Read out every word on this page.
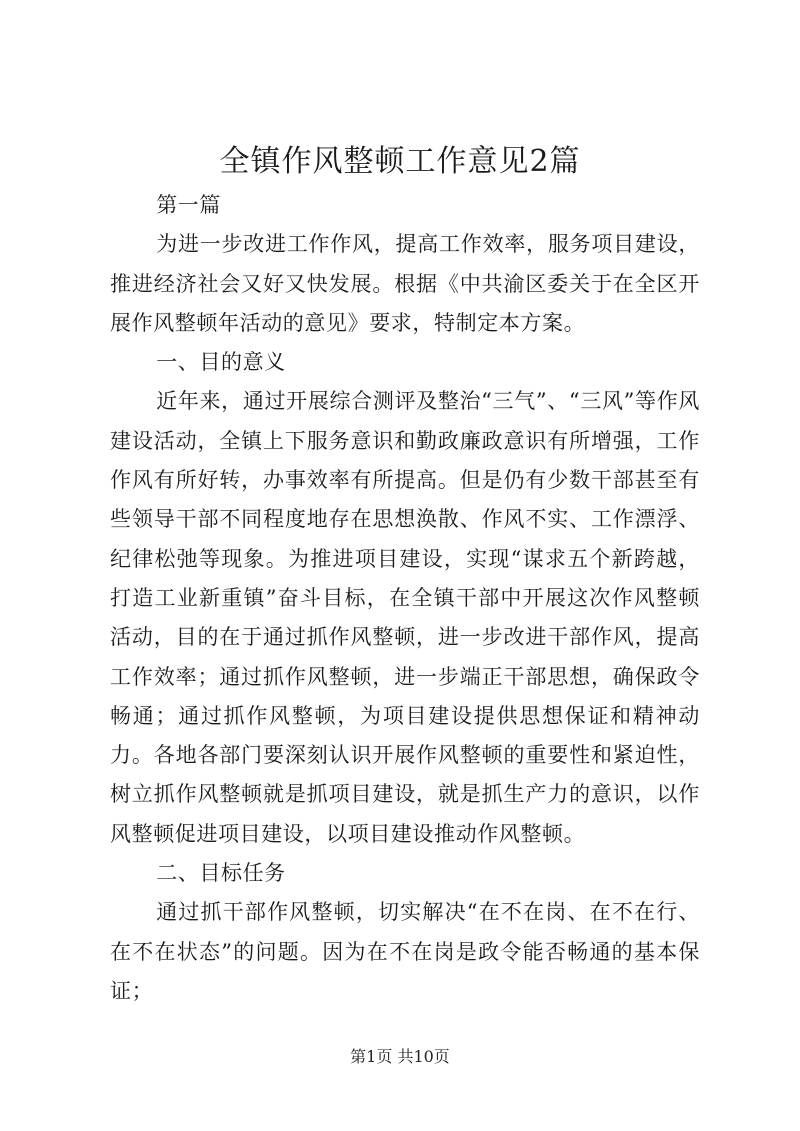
全镇作风整顿工作意见2篇

第一篇

为进一步改进工作作风，提高工作效率，服务项目建设，推进经济社会又好又快发展。根据《中共渝区委关于在全区开展作风整顿年活动的意见》要求，特制定本方案。

一、目的意义

近年来，通过开展综合测评及整治“三气”、“三风”等作风建设活动，全镇上下服务意识和勤政廉政意识有所增强，工作作风有所好转，办事效率有所提高。但是仍有少数干部甚至有些领导干部不同程度地存在思想涣散、作风不实、工作漂浮、纪律松弛等现象。为推进项目建设，实现“谋求五个新跨越，打造工业新重镇”奋斗目标，在全镇干部中开展这次作风整顿活动，目的在于通过抓作风整顿，进一步改进干部作风，提高工作效率；通过抓作风整顿，进一步端正干部思想，确保政令畅通；通过抓作风整顿，为项目建设提供思想保证和精神动力。各地各部门要深刻认识开展作风整顿的重要性和紧迫性，树立抓作风整顿就是抓项目建设，就是抓生产力的意识，以作风整顿促进项目建设，以项目建设推动作风整顿。

二、目标任务

通过抓干部作风整顿，切实解决“在不在岗、在不在行、在不在状态”的问题。因为在不在岗是政令能否畅通的基本保证；

第1页 共10页
